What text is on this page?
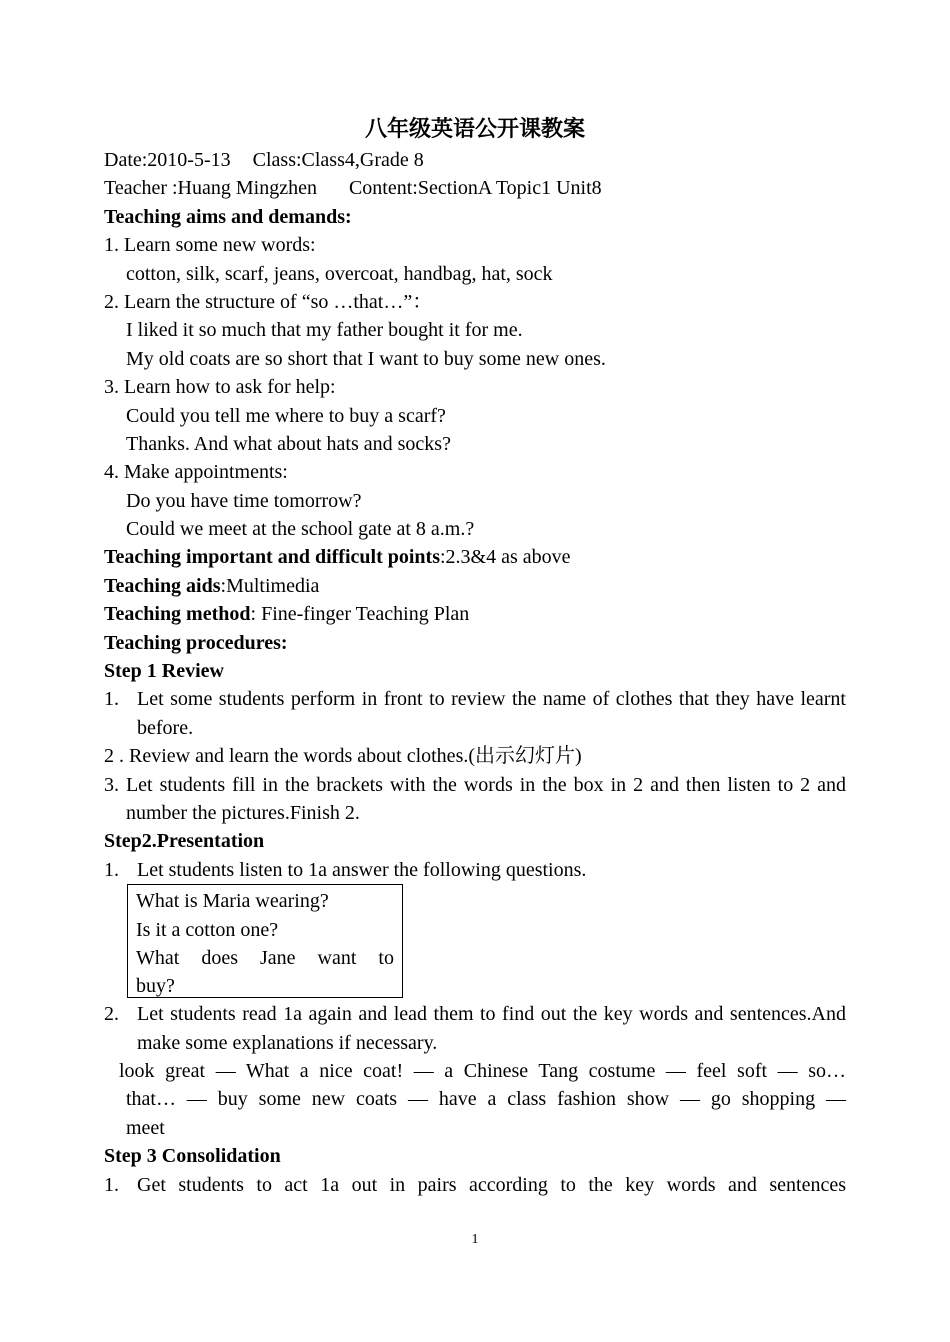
八年级英语公开课教案
Date:2010-5-13 Class:Class4,Grade 8
Teacher :Huang Mingzhen Content:SectionA Topic1 Unit8
Teaching aims and demands:
1. Learn some new words:
cotton, silk, scarf, jeans, overcoat, handbag, hat, sock
2. Learn the structure of “so …that…”：
I liked it so much that my father bought it for me.
My old coats are so short that I want to buy some new ones.
3. Learn how to ask for help:
Could you tell me where to buy a scarf?
Thanks. And what about hats and socks?
4. Make appointments:
Do you have time tomorrow?
Could we meet at the school gate at 8 a.m.?
Teaching important and difficult points:2.3&4 as above
Teaching aids:Multimedia
Teaching method: Fine-finger Teaching Plan
Teaching procedures:
Step 1 Review
1. Let some students perform in front to review the name of clothes that they have learnt before.
2 . Review and learn the words about clothes.(出示幻灯片)
3. Let students fill in the brackets with the words in the box in 2 and then listen to 2 and number the pictures.Finish 2.
Step2.Presentation
1. Let students listen to 1a answer the following questions.
What is Maria wearing?
Is it a cotton one?
What does Jane want to
buy?
2. Let students read 1a again and lead them to find out the key words and sentences.And make some explanations if necessary.
look great — What a nice coat! — a Chinese Tang costume — feel soft — so…
that… — buy some new coats — have a class fashion show — go shopping —
meet
Step 3 Consolidation
1. Get students to act 1a out in pairs according to the key words and sentences
1
